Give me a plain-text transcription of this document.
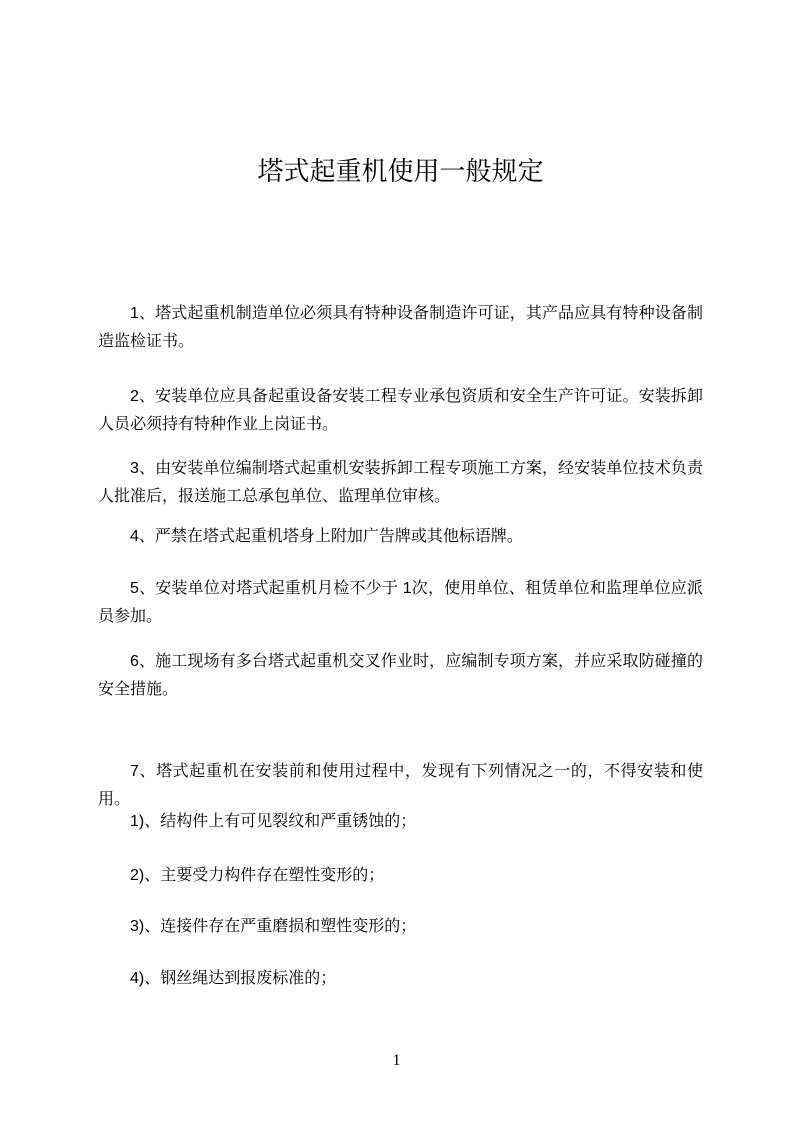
塔式起重机使用一般规定

1、塔式起重机制造单位必须具有特种设备制造许可证，其产品应具有特种设备制造监检证书。

2、安装单位应具备起重设备安装工程专业承包资质和安全生产许可证。安装拆卸人员必须持有特种作业上岗证书。

3、由安装单位编制塔式起重机安装拆卸工程专项施工方案，经安装单位技术负责人批准后，报送施工总承包单位、监理单位审核。

4、严禁在塔式起重机塔身上附加广告牌或其他标语牌。

5、安装单位对塔式起重机月检不少于 1次，使用单位、租赁单位和监理单位应派员参加。

6、施工现场有多台塔式起重机交叉作业时，应编制专项方案，并应采取防碰撞的安全措施。

7、塔式起重机在安装前和使用过程中，发现有下列情况之一的，不得安装和使用。

1)、结构件上有可见裂纹和严重锈蚀的；

2)、主要受力构件存在塑性变形的；

3)、连接件存在严重磨损和塑性变形的；

4)、钢丝绳达到报废标准的；

1
